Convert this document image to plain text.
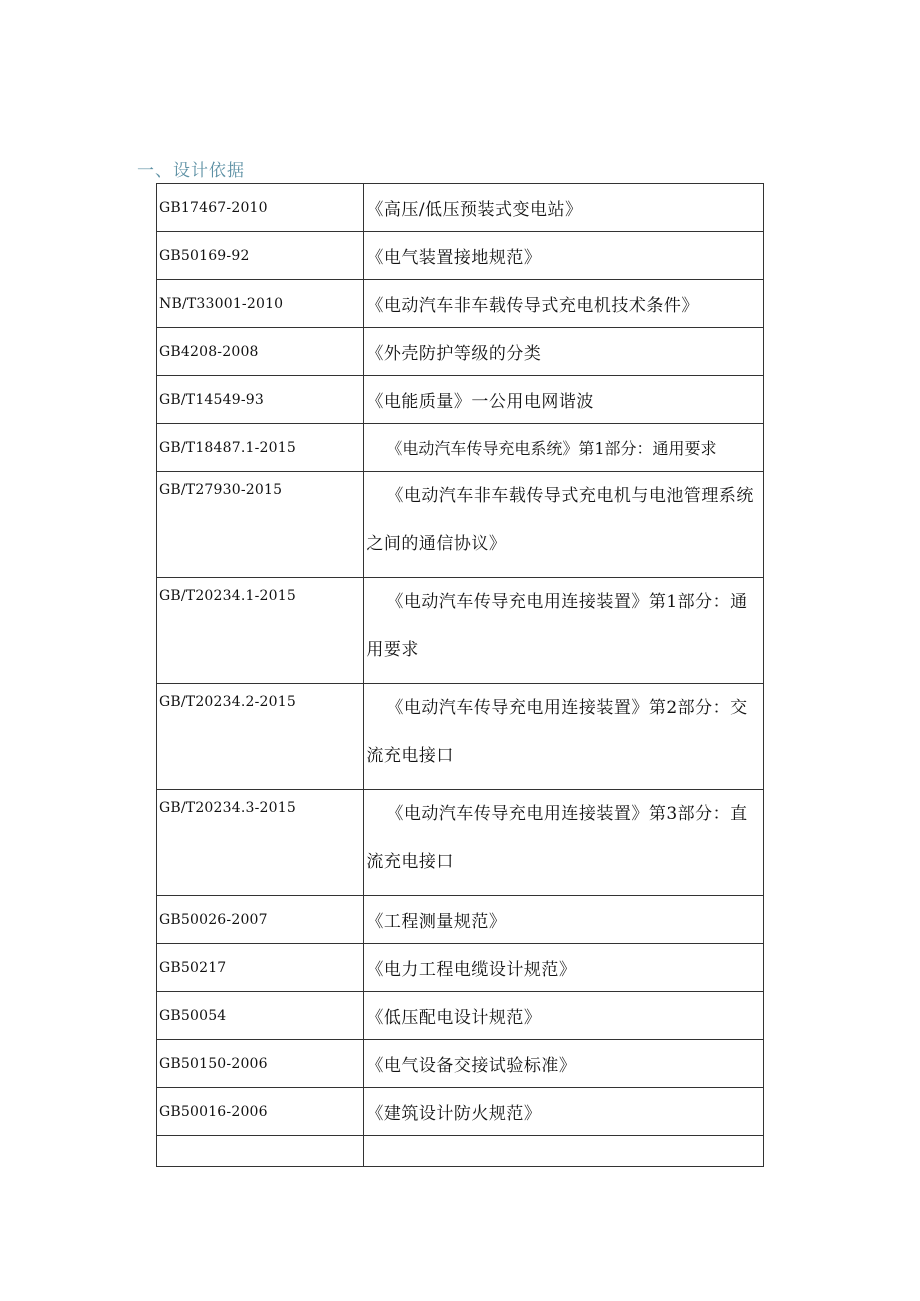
一、设计依据
GB17467-2010	《高压/低压预装式变电站》
GB50169-92	《电气装置接地规范》
NB/T33001-2010	《电动汽车非车载传导式充电机技术条件》
GB4208-2008	《外壳防护等级的分类
GB/T14549-93	《电能质量》一公用电网谐波
GB/T18487.1-2015	《电动汽车传导充电系统》第1部分：通用要求
GB/T27930-2015	《电动汽车非车载传导式充电机与电池管理系统之间的通信协议》
GB/T20234.1-2015	《电动汽车传导充电用连接装置》第1部分：通用要求
GB/T20234.2-2015	《电动汽车传导充电用连接装置》第2部分：交流充电接口
GB/T20234.3-2015	《电动汽车传导充电用连接装置》第3部分：直流充电接口
GB50026-2007	《工程测量规范》
GB50217	《电力工程电缆设计规范》
GB50054	《低压配电设计规范》
GB50150-2006	《电气设备交接试验标准》
GB50016-2006	《建筑设计防火规范》
